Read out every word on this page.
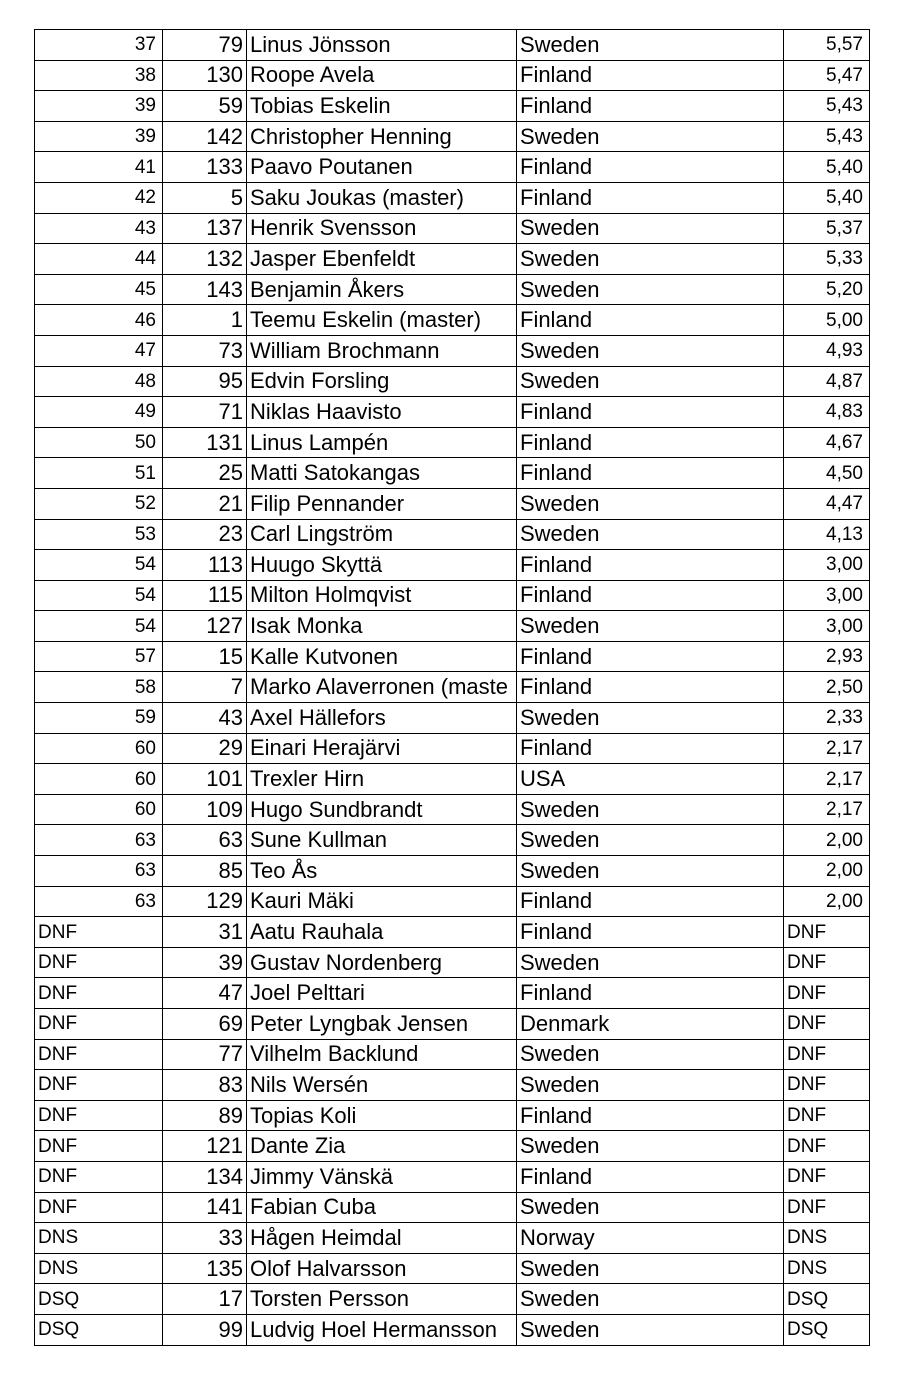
37	79	Linus Jönsson	Sweden	5,57
38	130	Roope Avela	Finland	5,47
39	59	Tobias Eskelin	Finland	5,43
39	142	Christopher Henning	Sweden	5,43
41	133	Paavo Poutanen	Finland	5,40
42	5	Saku Joukas (master)	Finland	5,40
43	137	Henrik Svensson	Sweden	5,37
44	132	Jasper Ebenfeldt	Sweden	5,33
45	143	Benjamin Åkers	Sweden	5,20
46	1	Teemu Eskelin (master)	Finland	5,00
47	73	William Brochmann	Sweden	4,93
48	95	Edvin Forsling	Sweden	4,87
49	71	Niklas Haavisto	Finland	4,83
50	131	Linus Lampén	Finland	4,67
51	25	Matti Satokangas	Finland	4,50
52	21	Filip Pennander	Sweden	4,47
53	23	Carl Lingström	Sweden	4,13
54	113	Huugo Skyttä	Finland	3,00
54	115	Milton Holmqvist	Finland	3,00
54	127	Isak Monka	Sweden	3,00
57	15	Kalle Kutvonen	Finland	2,93
58	7	Marko Alaverronen (maste	Finland	2,50
59	43	Axel Hällefors	Sweden	2,33
60	29	Einari Herajärvi	Finland	2,17
60	101	Trexler Hirn	USA	2,17
60	109	Hugo Sundbrandt	Sweden	2,17
63	63	Sune Kullman	Sweden	2,00
63	85	Teo Ås	Sweden	2,00
63	129	Kauri Mäki	Finland	2,00
DNF	31	Aatu Rauhala	Finland	DNF
DNF	39	Gustav Nordenberg	Sweden	DNF
DNF	47	Joel Pelttari	Finland	DNF
DNF	69	Peter Lyngbak Jensen	Denmark	DNF
DNF	77	Vilhelm Backlund	Sweden	DNF
DNF	83	Nils Wersén	Sweden	DNF
DNF	89	Topias Koli	Finland	DNF
DNF	121	Dante Zia	Sweden	DNF
DNF	134	Jimmy Vänskä	Finland	DNF
DNF	141	Fabian Cuba	Sweden	DNF
DNS	33	Hågen Heimdal	Norway	DNS
DNS	135	Olof Halvarsson	Sweden	DNS
DSQ	17	Torsten Persson	Sweden	DSQ
DSQ	99	Ludvig Hoel Hermansson	Sweden	DSQ
